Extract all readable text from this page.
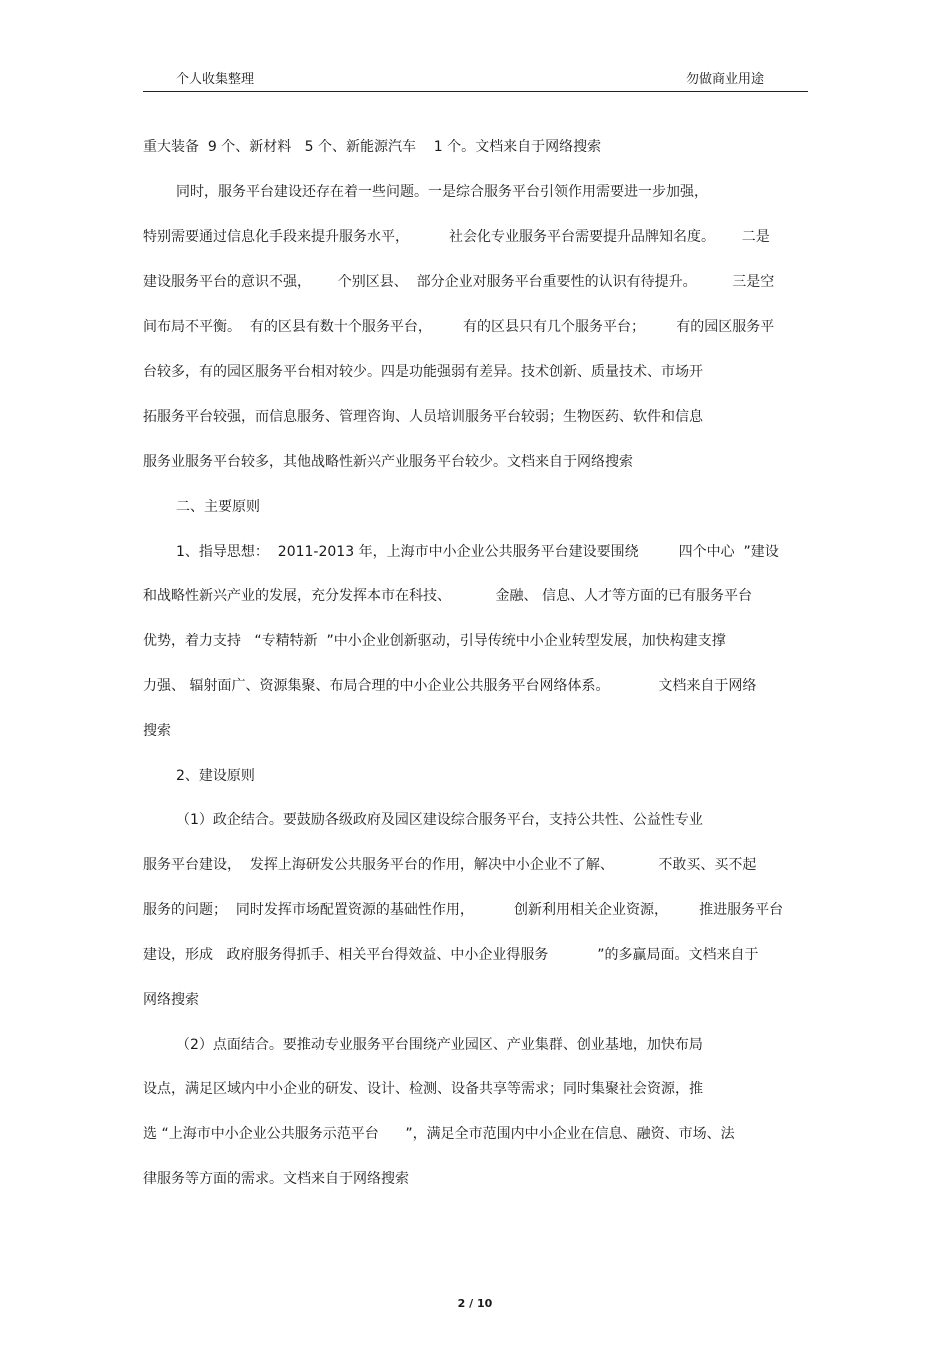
个人收集整理	勿做商业用途
重大装备  9 个、新材料   5 个、新能源汽车    1 个。文档来自于网络搜索
同时，服务平台建设还存在着一些问题。一是综合服务平台引领作用需要进一步加强，
特别需要通过信息化手段来提升服务水平，         社会化专业服务平台需要提升品牌知名度。      二是
建设服务平台的意识不强，      个别区县、  部分企业对服务平台重要性的认识有待提升。        三是空
间布局不平衡。  有的区县有数十个服务平台，       有的区县只有几个服务平台；       有的园区服务平
台较多，有的园区服务平台相对较少。四是功能强弱有差异。技术创新、质量技术、市场开
拓服务平台较强，而信息服务、管理咨询、人员培训服务平台较弱；生物医药、软件和信息
服务业服务平台较多，其他战略性新兴产业服务平台较少。文档来自于网络搜索
二、主要原则
1、指导思想：  2011-2013 年，上海市中小企业公共服务平台建设要围绕         四个中心  ”建设
和战略性新兴产业的发展，充分发挥本市在科技、          金融、 信息、人才等方面的已有服务平台
优势，着力支持   “专精特新  ”中小企业创新驱动，引导传统中小企业转型发展，加快构建支撑
力强、 辐射面广、资源集聚、布局合理的中小企业公共服务平台网络体系。           文档来自于网络
搜索
2、建设原则
（1）政企结合。要鼓励各级政府及园区建设综合服务平台，支持公共性、公益性专业
服务平台建设，  发挥上海研发公共服务平台的作用，解决中小企业不了解、          不敢买、买不起
服务的问题；  同时发挥市场配置资源的基础性作用，         创新利用相关企业资源，       推进服务平台
建设，形成   政府服务得抓手、相关平台得效益、中小企业得服务           ”的多赢局面。文档来自于
网络搜索
（2）点面结合。要推动专业服务平台围绕产业园区、产业集群、创业基地，加快布局
设点，满足区域内中小企业的研发、设计、检测、设备共享等需求；同时集聚社会资源，推
选 “上海市中小企业公共服务示范平台      ”，满足全市范围内中小企业在信息、融资、市场、法
律服务等方面的需求。文档来自于网络搜索
2 / 10
